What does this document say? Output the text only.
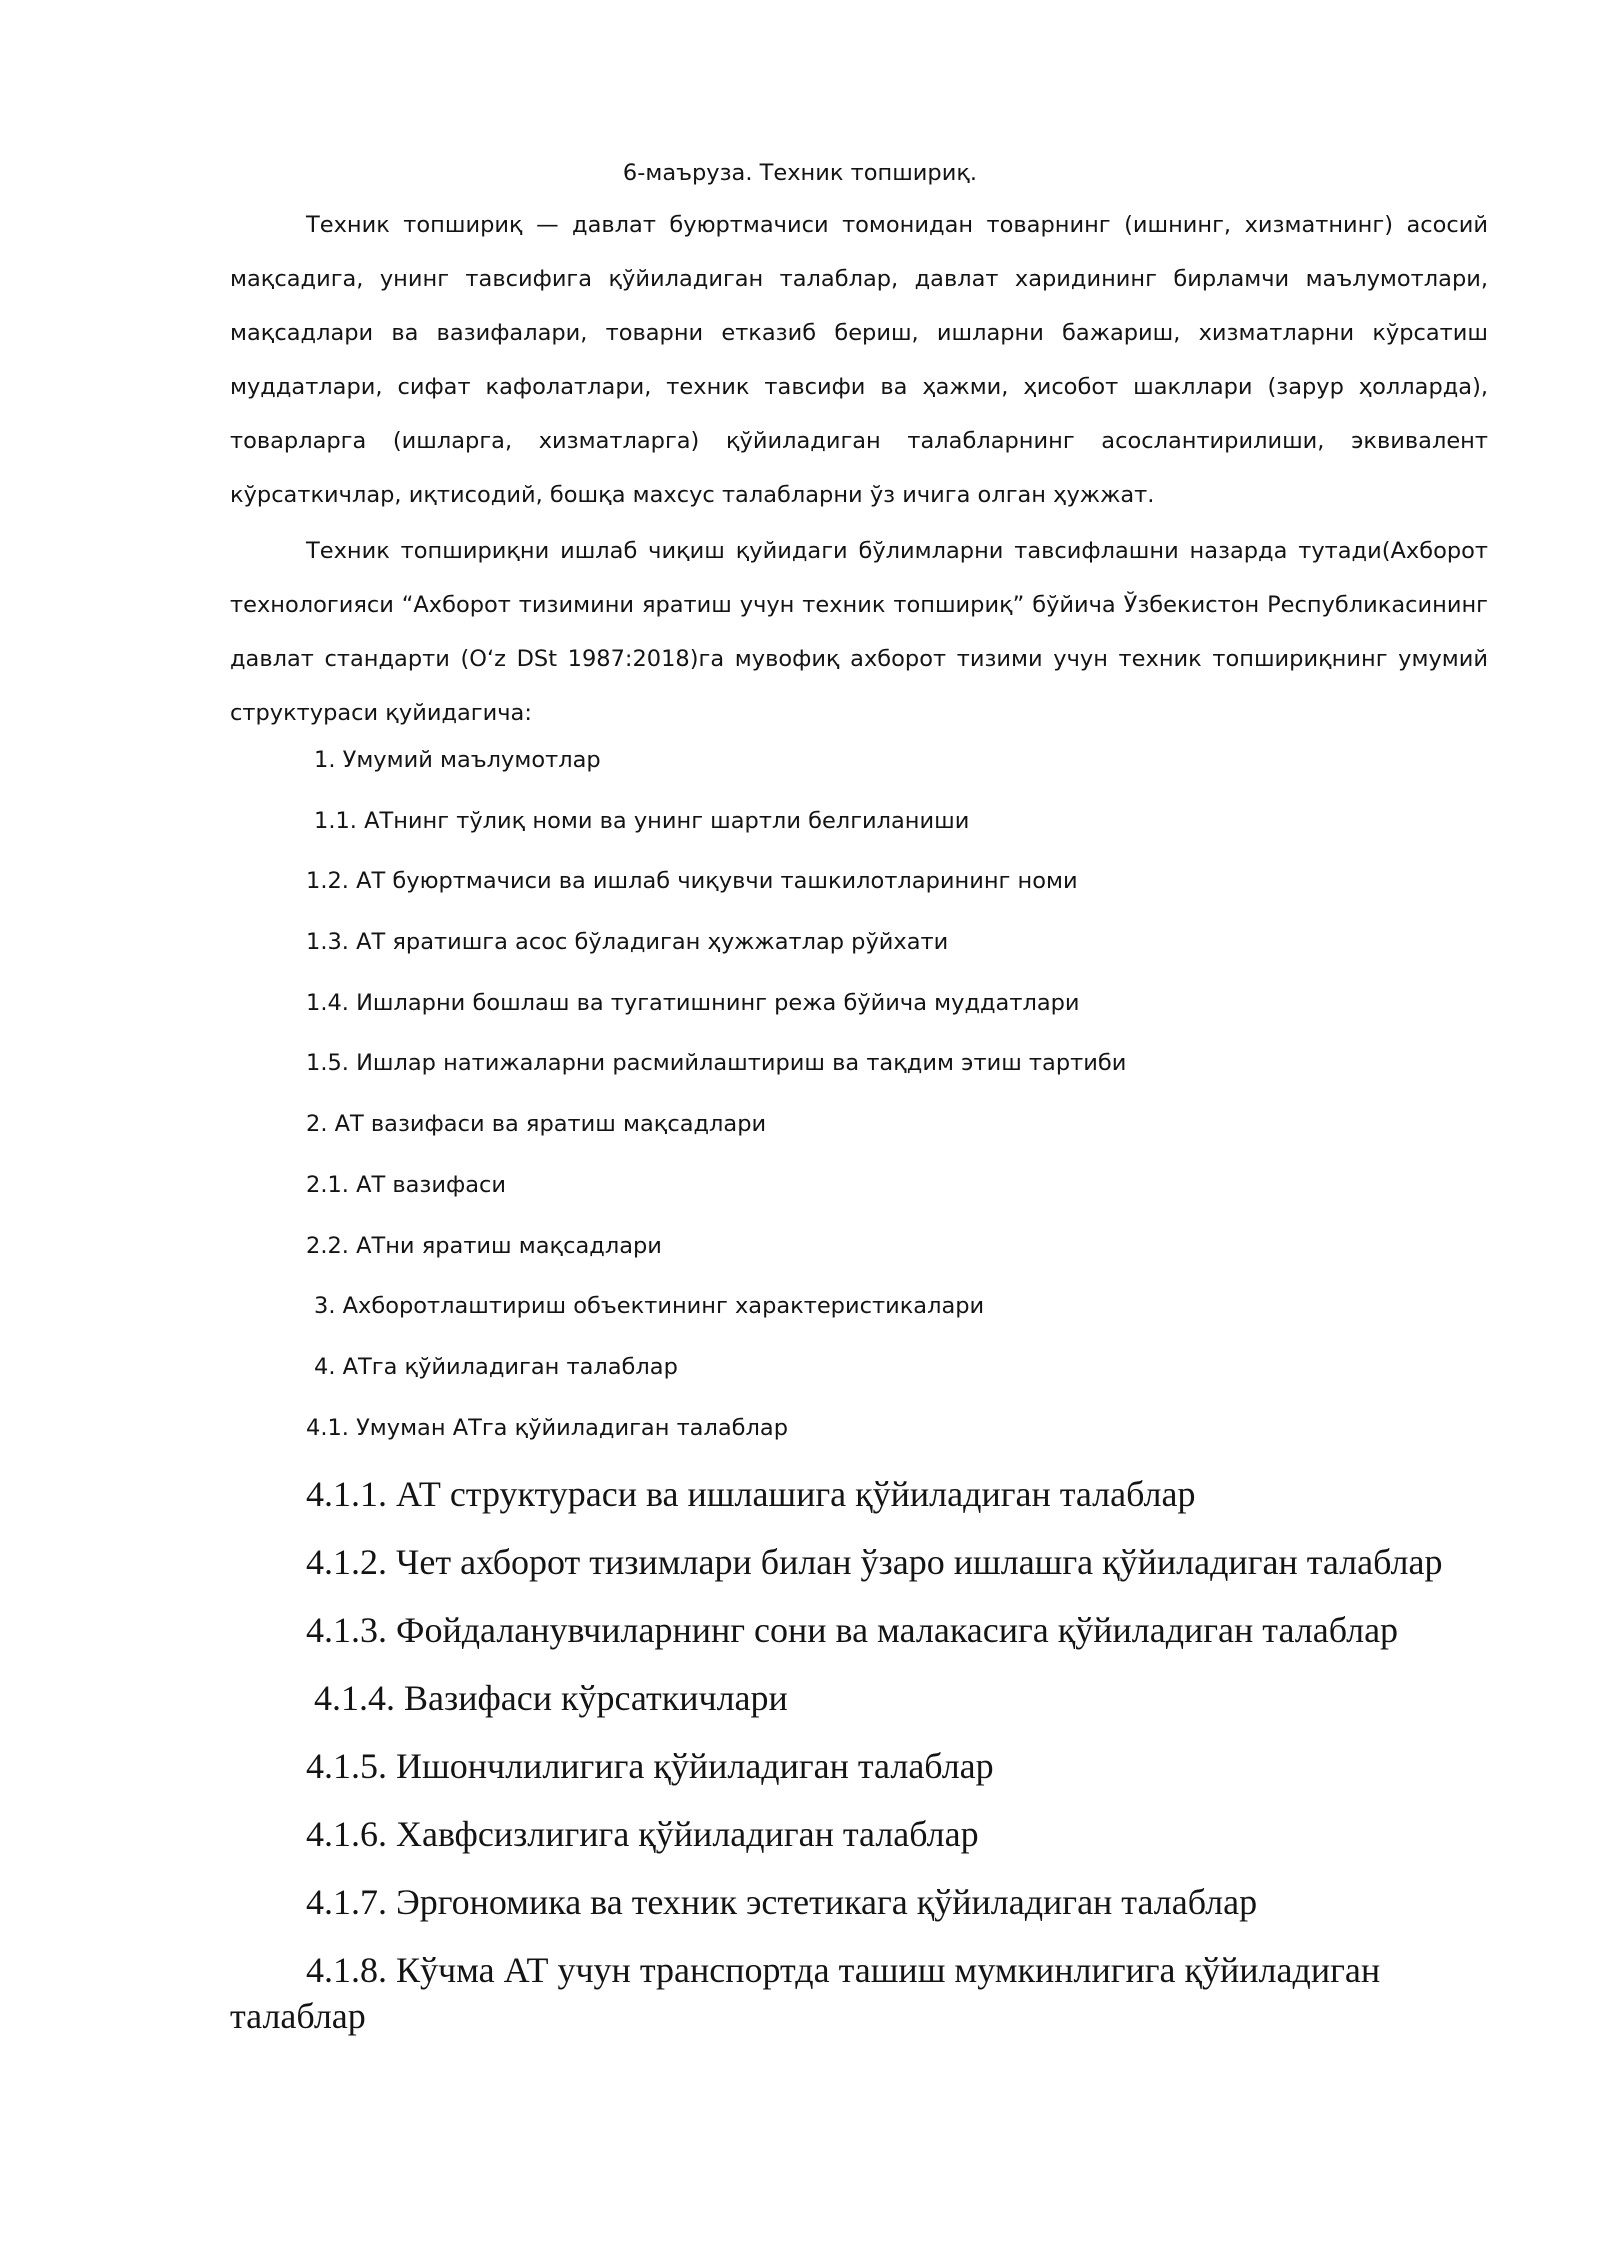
6-маъруза. Техник топшириқ.

Техник топшириқ — давлат буюртмачиси томонидан товарнинг (ишнинг, хизматнинг) асосий мақсадига, унинг тавсифига қўйиладиган талаблар, давлат харидининг бирламчи маълумотлари, мақсадлари ва вазифалари, товарни етказиб бериш, ишларни бажариш, хизматларни кўрсатиш муддатлари, сифат кафолатлари, техник тавсифи ва ҳажми, ҳисобот шакллари (зарур ҳолларда), товарларга (ишларга, хизматларга) қўйиладиган талабларнинг асослантирилиши, эквивалент кўрсаткичлар, иқтисодий, бошқа махсус талабларни ўз ичига олган ҳужжат.

Техник топшириқни ишлаб чиқиш қуйидаги бўлимларни тавсифлашни назарда тутади(Ахборот технологияси “Ахборот тизимини яратиш учун техник топшириқ” бўйича Ўзбекистон Республикасининг давлат стандарти (Oʻz DSt 1987:2018)га мувофиқ ахборот тизими учун техник топшириқнинг умумий структураси қуйидагича:

1. Умумий маълумотлар
1.1. АТнинг тўлиқ номи ва унинг шартли белгиланиши
1.2. АТ буюртмачиси ва ишлаб чиқувчи ташкилотларининг номи
1.3. АТ яратишга асос бўладиган ҳужжатлар рўйхати
1.4. Ишларни бошлаш ва тугатишнинг режа бўйича муддатлари
1.5. Ишлар натижаларни расмийлаштириш ва тақдим этиш тартиби
2. АТ вазифаси ва яратиш мақсадлари
2.1. АТ вазифаси
2.2. АТни яратиш мақсадлари
3. Ахборотлаштириш объектининг характеристикалари
4. АТга қўйиладиган талаблар
4.1. Умуман АТга қўйиладиган талаблар
4.1.1. АТ структураси ва ишлашига қўйиладиган талаблар
4.1.2. Чет ахборот тизимлари билан ўзаро ишлашга қўйиладиган талаблар
4.1.3. Фойдаланувчиларнинг сони ва малакасига қўйиладиган талаблар
4.1.4. Вазифаси кўрсаткичлари
4.1.5. Ишончлилигига қўйиладиган талаблар
4.1.6. Хавфсизлигига қўйиладиган талаблар
4.1.7. Эргономика ва техник эстетикага қўйиладиган талаблар
4.1.8. Кўчма АТ учун транспортда ташиш мумкинлигига қўйиладиган талаблар
